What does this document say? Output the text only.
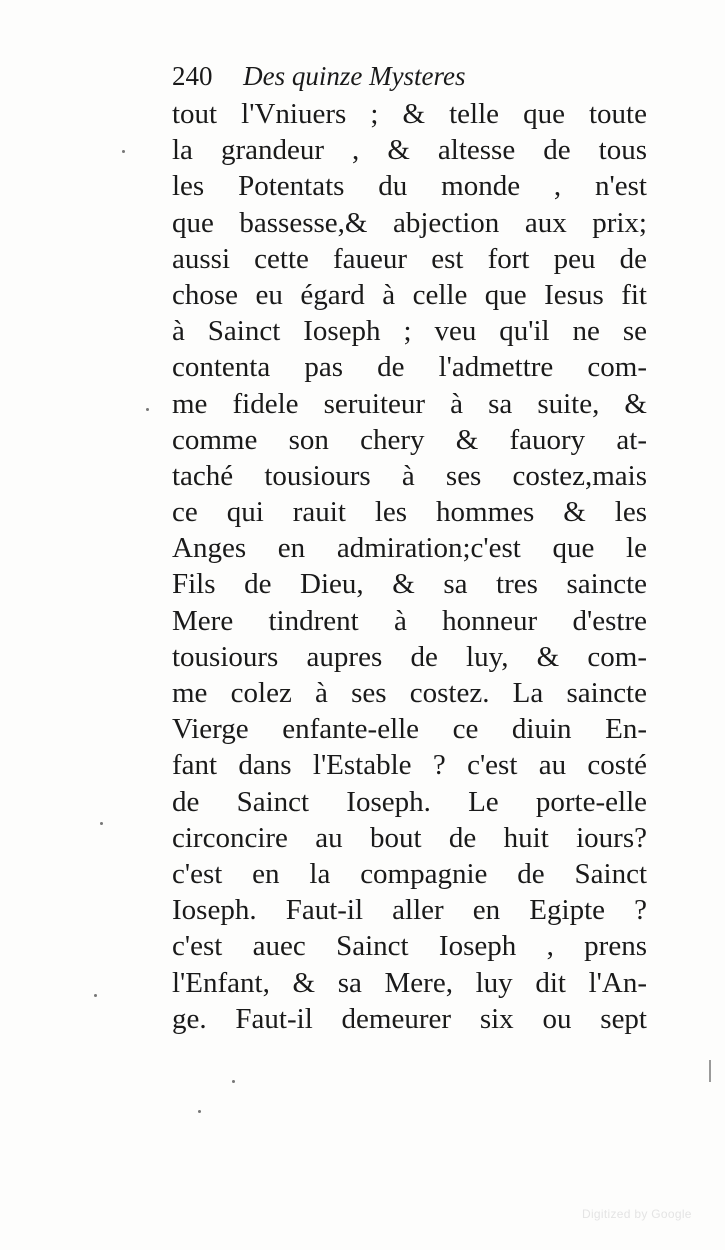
240 Des quinze Mysteres
tout l'Vniuers ; & telle que toute
la grandeur , & altesse de tous
les Potentats du monde , n'est
que bassesse,& abjection aux prix;
aussi cette faueur est fort peu de
chose eu égard à celle que Iesus fit
à Sainct Ioseph ; veu qu'il ne se
contenta pas de l'admettre com-
me fidele seruiteur à sa suite, &
comme son chery & fauory at-
taché tousiours à ses costez,mais
ce qui rauit les hommes & les
Anges en admiration;c'est que le
Fils de Dieu, & sa tres saincte
Mere tindrent à honneur d'estre
tousiours aupres de luy, & com-
me colez à ses costez. La saincte
Vierge enfante-elle ce diuin En-
fant dans l'Estable ? c'est au costé
de Sainct Ioseph. Le porte-elle
circoncire au bout de huit iours?
c'est en la compagnie de Sainct
Ioseph. Faut-il aller en Egipte ?
c'est auec Sainct Ioseph , prens
l'Enfant, & sa Mere, luy dit l'An-
ge. Faut-il demeurer six ou sept
Digitized by Google
